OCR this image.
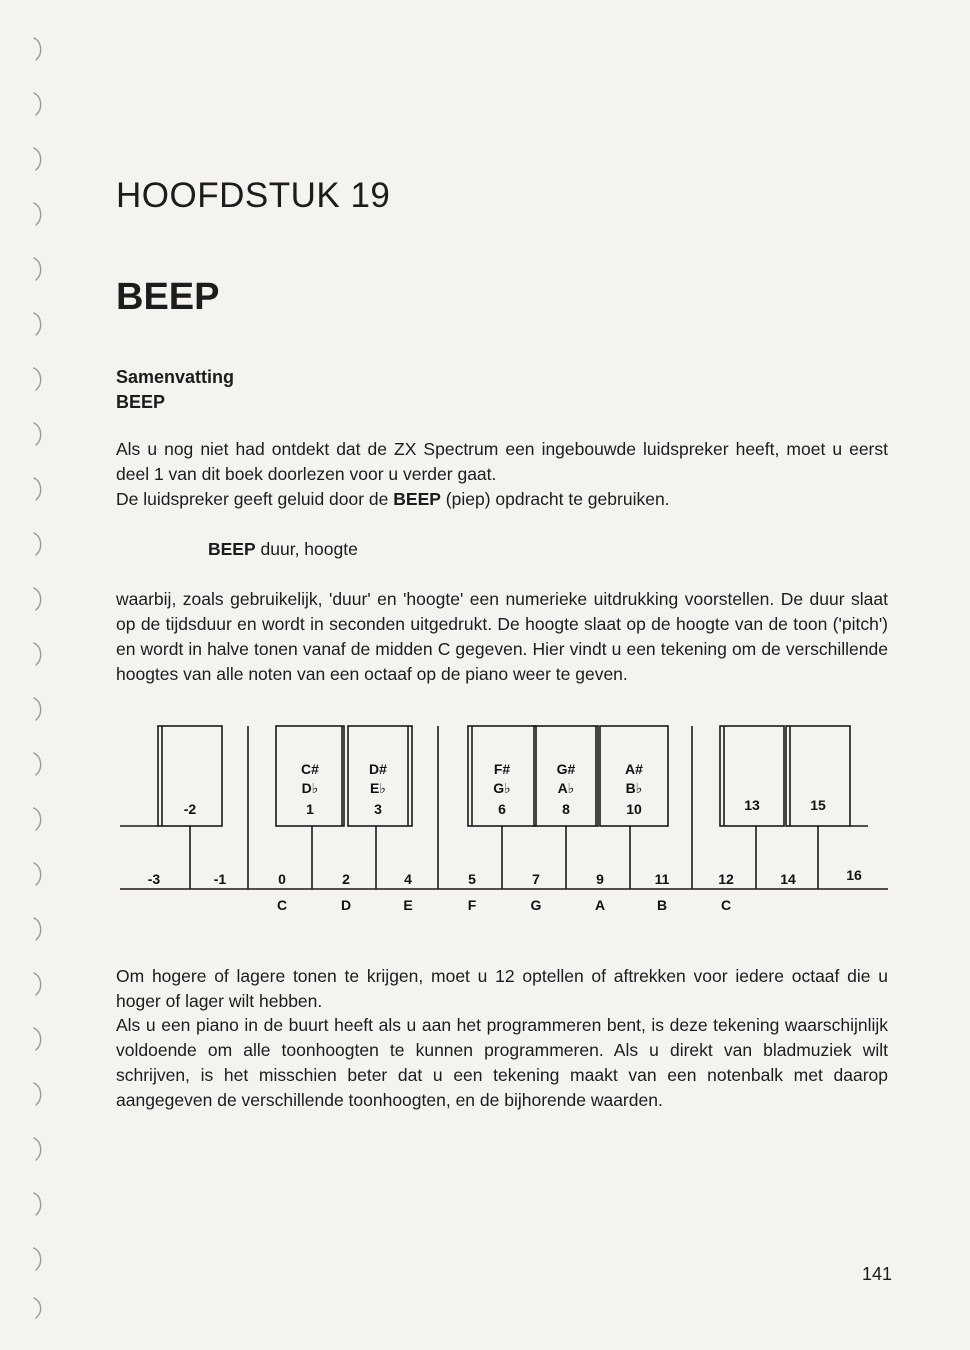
HOOFDSTUK 19
BEEP
Samenvatting
BEEP

Als u nog niet had ontdekt dat de ZX Spectrum een ingebouwde luidspreker heeft, moet u eerst deel 1 van dit boek doorlezen voor u verder gaat.

De luidspreker geeft geluid door de BEEP (piep) opdracht te gebruiken.

BEEP duur, hoogte

waarbij, zoals gebruikelijk, 'duur' en 'hoogte' een numerieke uitdrukking voorstellen. De duur slaat op de tijdsduur en wordt in seconden uitgedrukt. De hoogte slaat op de hoogte van de toon ('pitch') en wordt in halve tonen vanaf de midden C gegeven. Hier vindt u een tekening om de verschillende hoogtes van alle noten van een octaaf op de piano weer te geven.

-2
C#
D♭
1
D#
E♭
3
F#
G♭
6
G#
A♭
8
A#
B♭
10	13	15
-3	-1	0	2	4	5	7	9	11	12	14	16
C	D	E	F	G	A	B	C

Om hogere of lagere tonen te krijgen, moet u 12 optellen of aftrekken voor iedere octaaf die u hoger of lager wilt hebben.

Als u een piano in de buurt heeft als u aan het programmeren bent, is deze tekening waarschijnlijk voldoende om alle toonhoogten te kunnen programmeren. Als u direkt van bladmuziek wilt schrijven, is het misschien beter dat u een tekening maakt van een notenbalk met daarop aangegeven de verschillende toonhoogten, en de bijhorende waarden.

141
